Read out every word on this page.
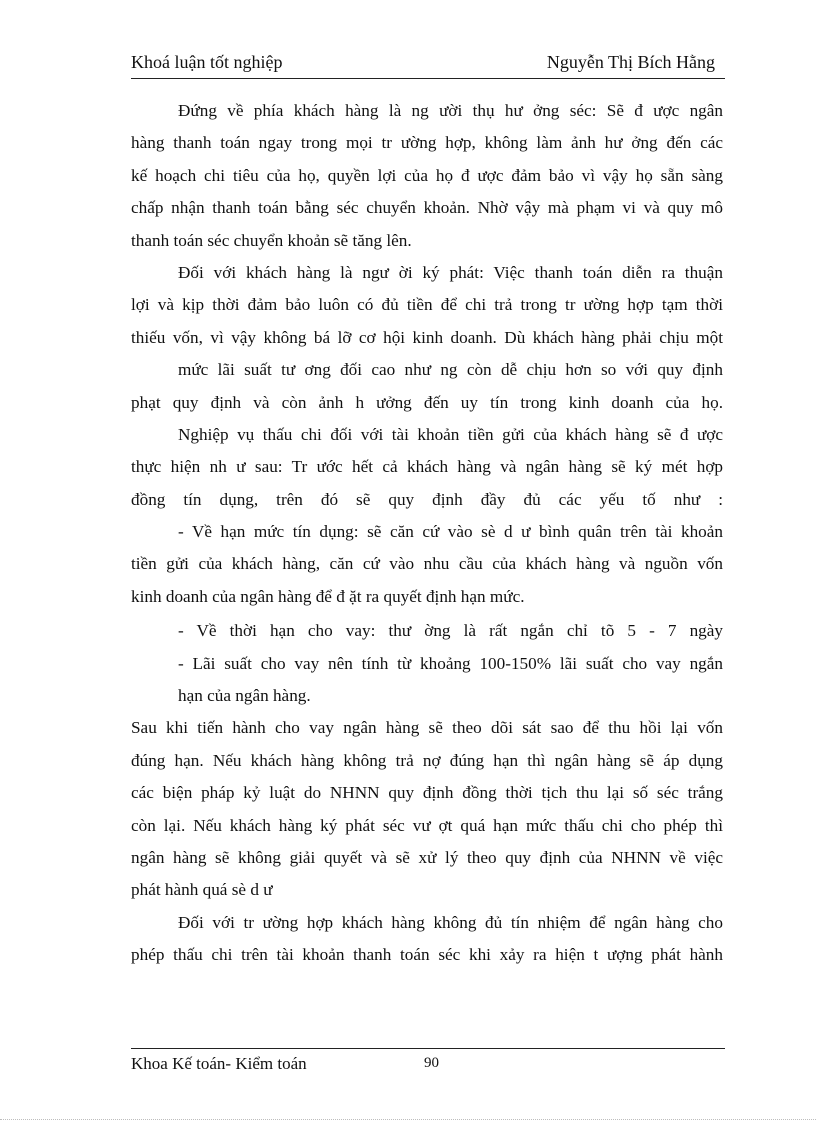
Khoá luận tốt nghiệp	Nguyễn Thị Bích Hằng
Đứng về phía khách hàng là ng ười thụ hư ởng séc: Sẽ đ ược ngân
hàng thanh toán ngay trong mọi tr ường hợp, không làm ảnh hư ởng đến các
kế hoạch chi tiêu của họ, quyền lợi của họ đ ược đảm bảo vì vậy họ sẵn sàng
chấp nhận thanh toán bằng séc chuyển khoản. Nhờ vậy mà phạm vi và quy mô
thanh toán séc chuyển khoản sẽ tăng lên.
Đối với khách hàng là ngư ời ký phát: Việc thanh toán diễn ra thuận
lợi và kịp thời đảm bảo luôn có đủ tiền để chi trả trong tr ường hợp tạm thời
thiếu vốn, vì vậy không bá lỡ cơ hội kinh doanh. Dù khách hàng phải chịu một
mức lãi suất tư ơng đối cao như ng còn dễ chịu hơn so với quy định
phạt quy định và còn ảnh h ưởng đến uy tín trong kinh doanh của họ.
Nghiệp vụ thấu chi đối với tài khoản tiền gửi của khách hàng sẽ đ ược
thực hiện nh ư sau: Tr ước hết cả khách hàng và ngân hàng sẽ ký mét hợp
đồng tín dụng, trên đó sẽ quy định đầy đủ các yếu tố như :
- Về hạn mức tín dụng: sẽ căn cứ vào sè d ư bình quân trên tài khoản
tiền gửi của khách hàng, căn cứ vào nhu cầu của khách hàng và nguồn vốn
kinh doanh của ngân hàng để đ ặt ra quyết định hạn mức.
- Về thời hạn cho vay: thư ờng là rất ngắn chỉ tõ 5 - 7 ngày
- Lãi suất cho vay nên tính từ khoảng 100-150% lãi suất cho vay ngắn
hạn của ngân hàng.
Sau khi tiến hành cho vay ngân hàng sẽ theo dõi sát sao để thu hồi lại vốn
đúng hạn. Nếu khách hàng không trả nợ đúng hạn thì ngân hàng sẽ áp dụng
các biện pháp kỷ luật do NHNN quy định đồng thời tịch thu lại số séc trắng
còn lại. Nếu khách hàng ký phát séc vư ợt quá hạn mức thấu chi cho phép thì
ngân hàng sẽ không giải quyết và sẽ xử lý theo quy định của NHNN về việc
phát hành quá sè d ư
Đối với tr ường hợp khách hàng không đủ tín nhiệm để ngân hàng cho
phép thấu chi trên tài khoản thanh toán séc khi xảy ra hiện t ượng phát hành
Khoa Kế toán- Kiểm toán	90
